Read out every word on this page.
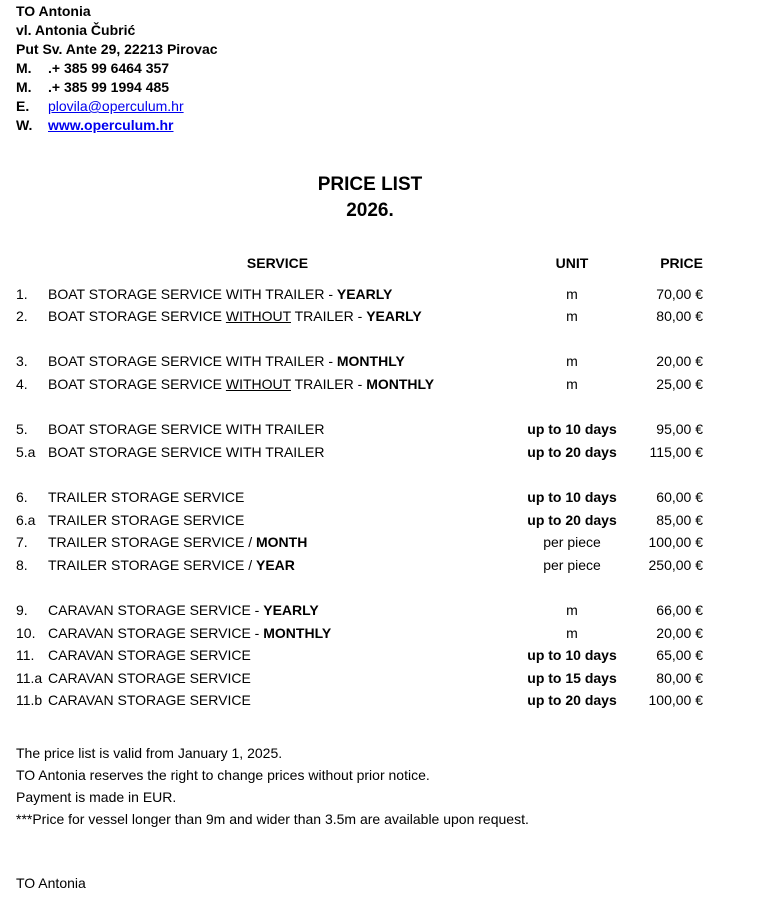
TO Antonia
vl. Antonia Čubrić
Put Sv. Ante 29, 22213 Pirovac
M. .+ 385 99 6464 357
M. .+ 385 99 1994 485
E. plovila@operculum.hr
W. www.operculum.hr
PRICE LIST
2026.
SERVICE	UNIT	PRICE
1.	BOAT STORAGE SERVICE WITH TRAILER - YEARLY	m	70,00 €
2.	BOAT STORAGE SERVICE WITHOUT TRAILER - YEARLY	m	80,00 €
3.	BOAT STORAGE SERVICE WITH TRAILER - MONTHLY	m	20,00 €
4.	BOAT STORAGE SERVICE WITHOUT TRAILER - MONTHLY	m	25,00 €
5.	BOAT STORAGE SERVICE WITH TRAILER	up to 10 days	95,00 €
5.a BOAT STORAGE SERVICE WITH TRAILER	up to 20 days	115,00 €
6.	TRAILER STORAGE SERVICE	up to 10 days	60,00 €
6.a TRAILER STORAGE SERVICE	up to 20 days	85,00 €
7.	TRAILER STORAGE SERVICE / MONTH	per piece	100,00 €
8.	TRAILER STORAGE SERVICE / YEAR	per piece	250,00 €
9.	CARAVAN STORAGE SERVICE - YEARLY	m	66,00 €
10. CARAVAN STORAGE SERVICE - MONTHLY	m	20,00 €
11. CARAVAN STORAGE SERVICE	up to 10 days	65,00 €
11.a CARAVAN STORAGE SERVICE	up to 15 days	80,00 €
11.b CARAVAN STORAGE SERVICE	up to 20 days	100,00 €
The price list is valid from January 1, 2025.
TO Antonia reserves the right to change prices without prior notice.
Payment is made in EUR.
***Price for vessel longer than 9m and wider than 3.5m are available upon request.
TO Antonia
